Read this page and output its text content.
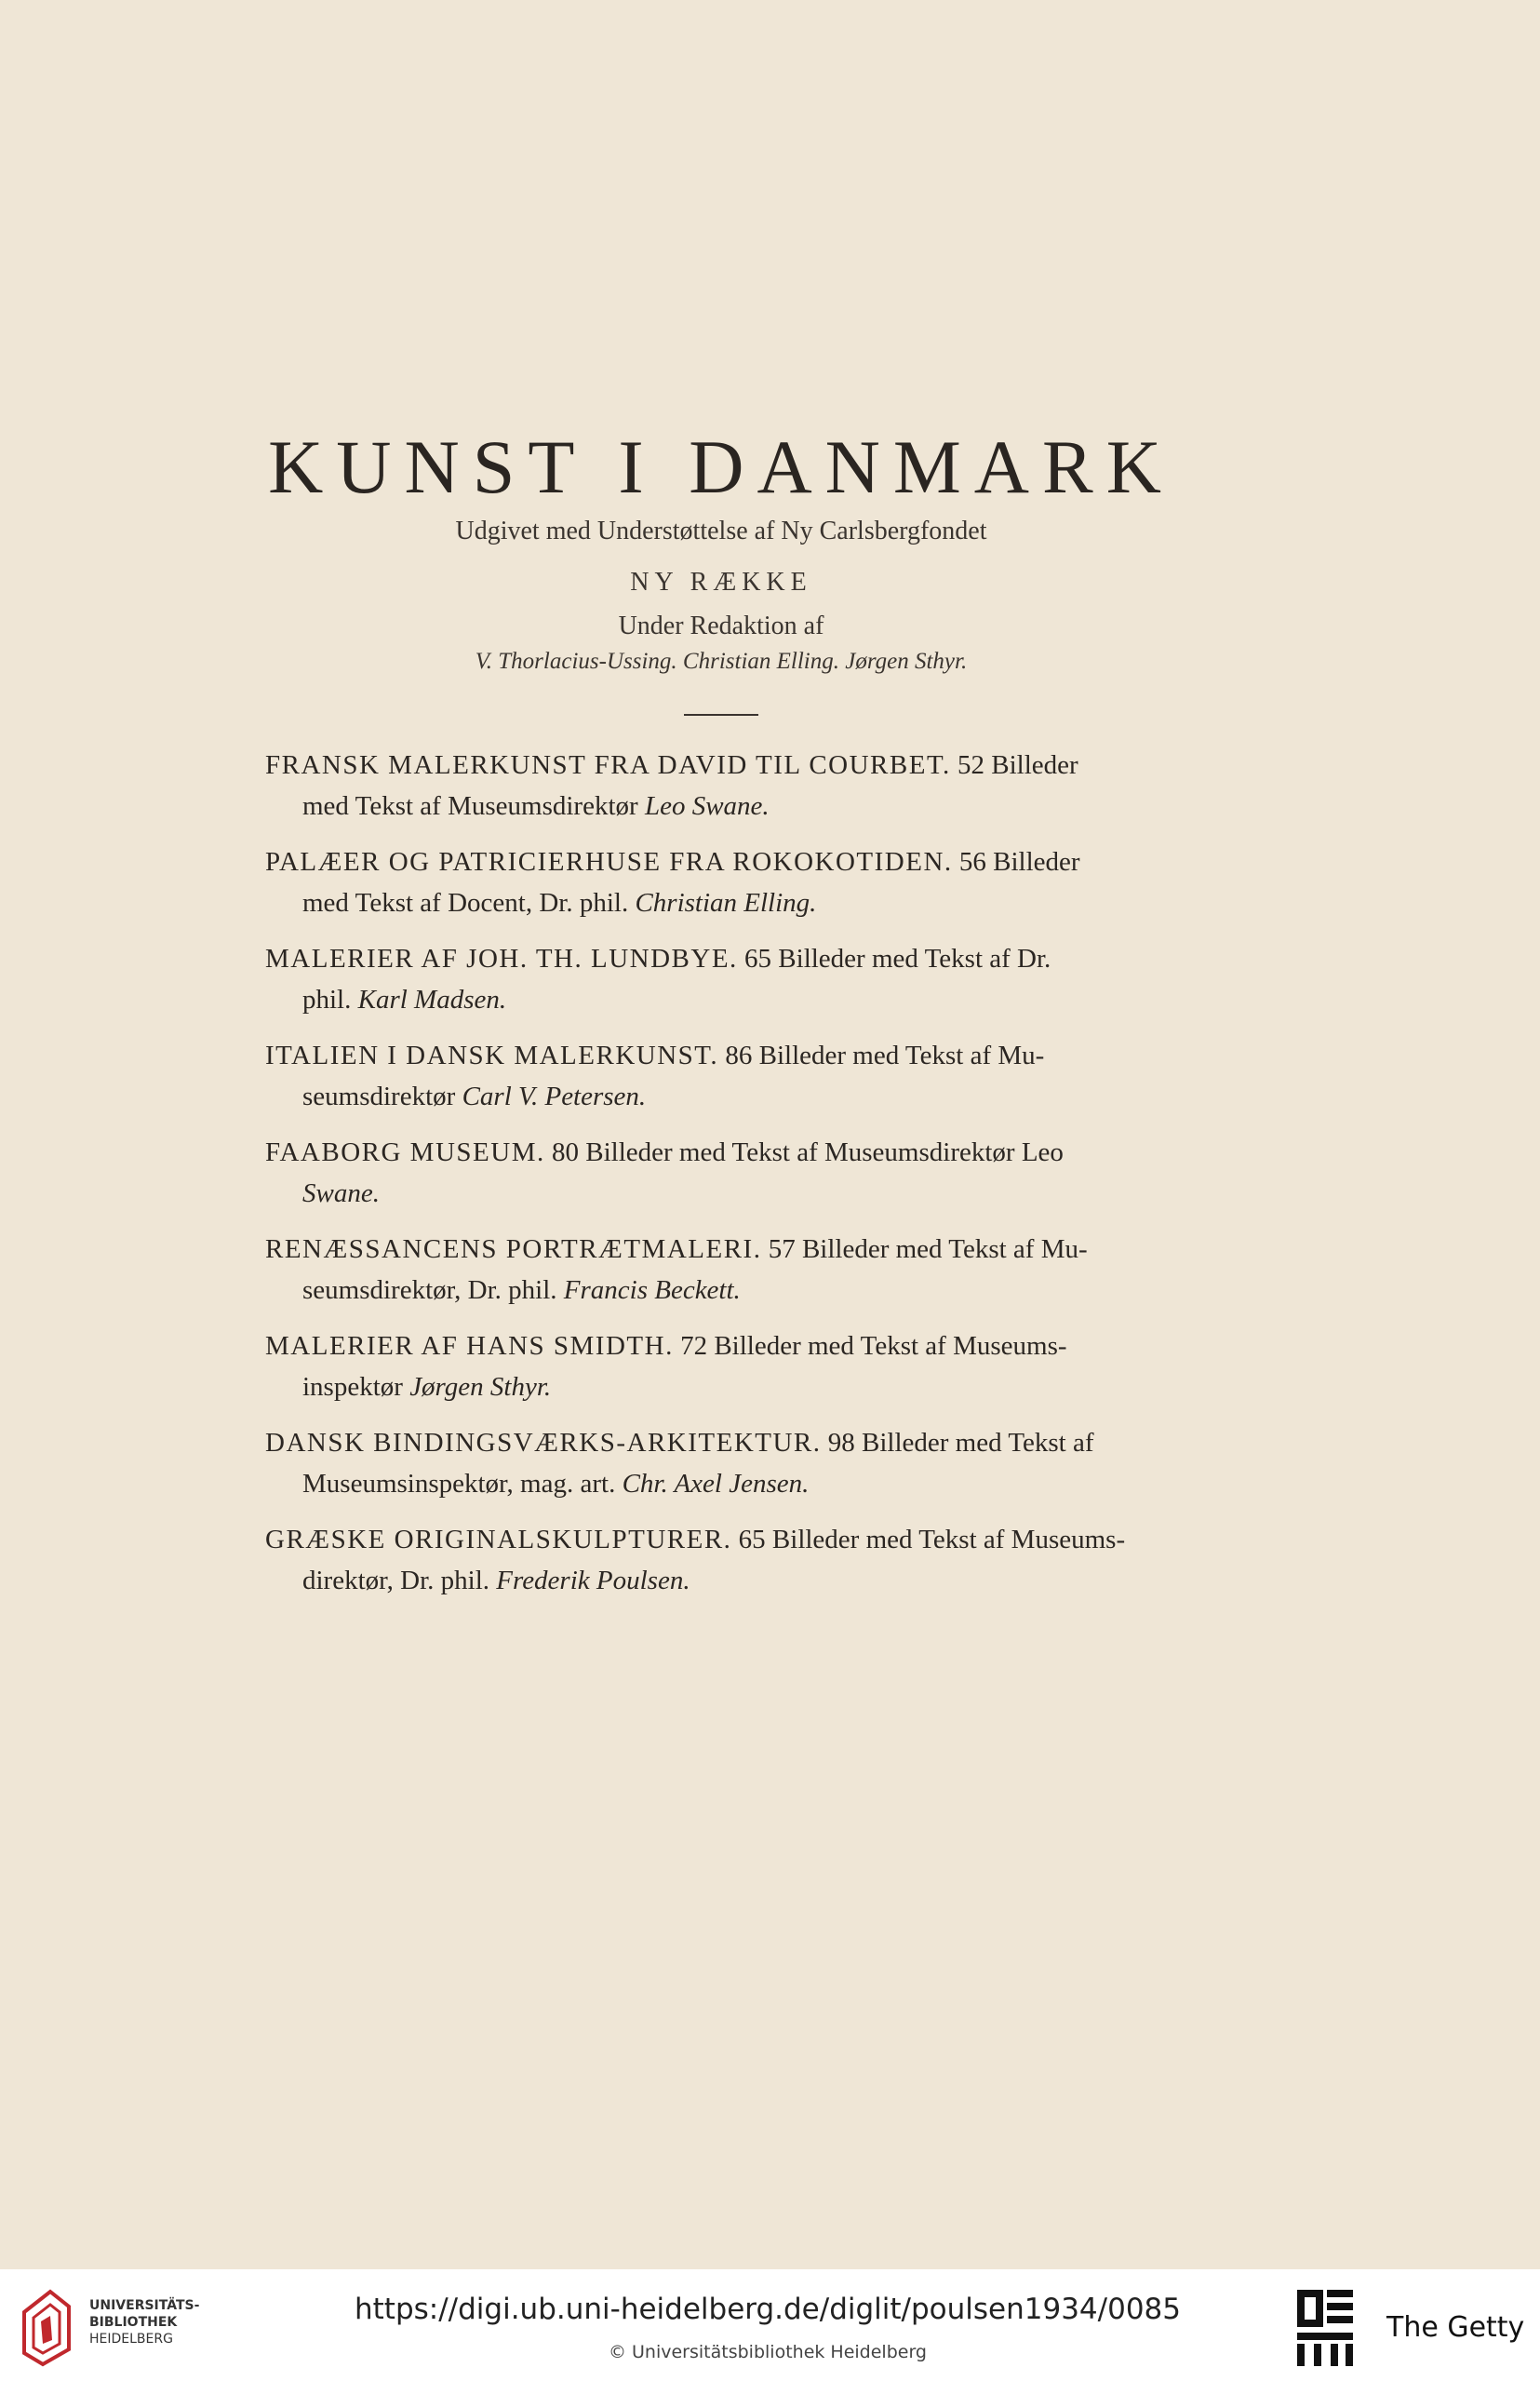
KUNST I DANMARK
Udgivet med Understøttelse af Ny Carlsbergfondet
NY RÆKKE
Under Redaktion af
V. Thorlacius-Ussing. Christian Elling. Jørgen Sthyr.
FRANSK MALERKUNST FRA DAVID TIL COURBET. 52 Billeder
med Tekst af Museumsdirektør Leo Swane.
PALÆER OG PATRICIERHUSE FRA ROKOKOTIDEN. 56 Billeder
med Tekst af Docent, Dr. phil. Christian Elling.
MALERIER AF JOH. TH. LUNDBYE. 65 Billeder med Tekst af Dr.
phil. Karl Madsen.
ITALIEN I DANSK MALERKUNST. 86 Billeder med Tekst af Mu-
seumsdirektør Carl V. Petersen.
FAABORG MUSEUM. 80 Billeder med Tekst af Museumsdirektør Leo
Swane.
RENÆSSANCENS PORTRÆTMALERI. 57 Billeder med Tekst af Mu-
seumsdirektør, Dr. phil. Francis Beckett.
MALERIER AF HANS SMIDTH. 72 Billeder med Tekst af Museums-
inspektør Jørgen Sthyr.
DANSK BINDINGSVÆRKS-ARKITEKTUR. 98 Billeder med Tekst af
Museumsinspektør, mag. art. Chr. Axel Jensen.
GRÆSKE ORIGINALSKULPTURER. 65 Billeder med Tekst af Museums-
direktør, Dr. phil. Frederik Poulsen.
UNIVERSITÄTS-
BIBLIOTHEK
HEIDELBERG
https://digi.ub.uni-heidelberg.de/diglit/poulsen1934/0085
© Universitätsbibliothek Heidelberg
The Getty
